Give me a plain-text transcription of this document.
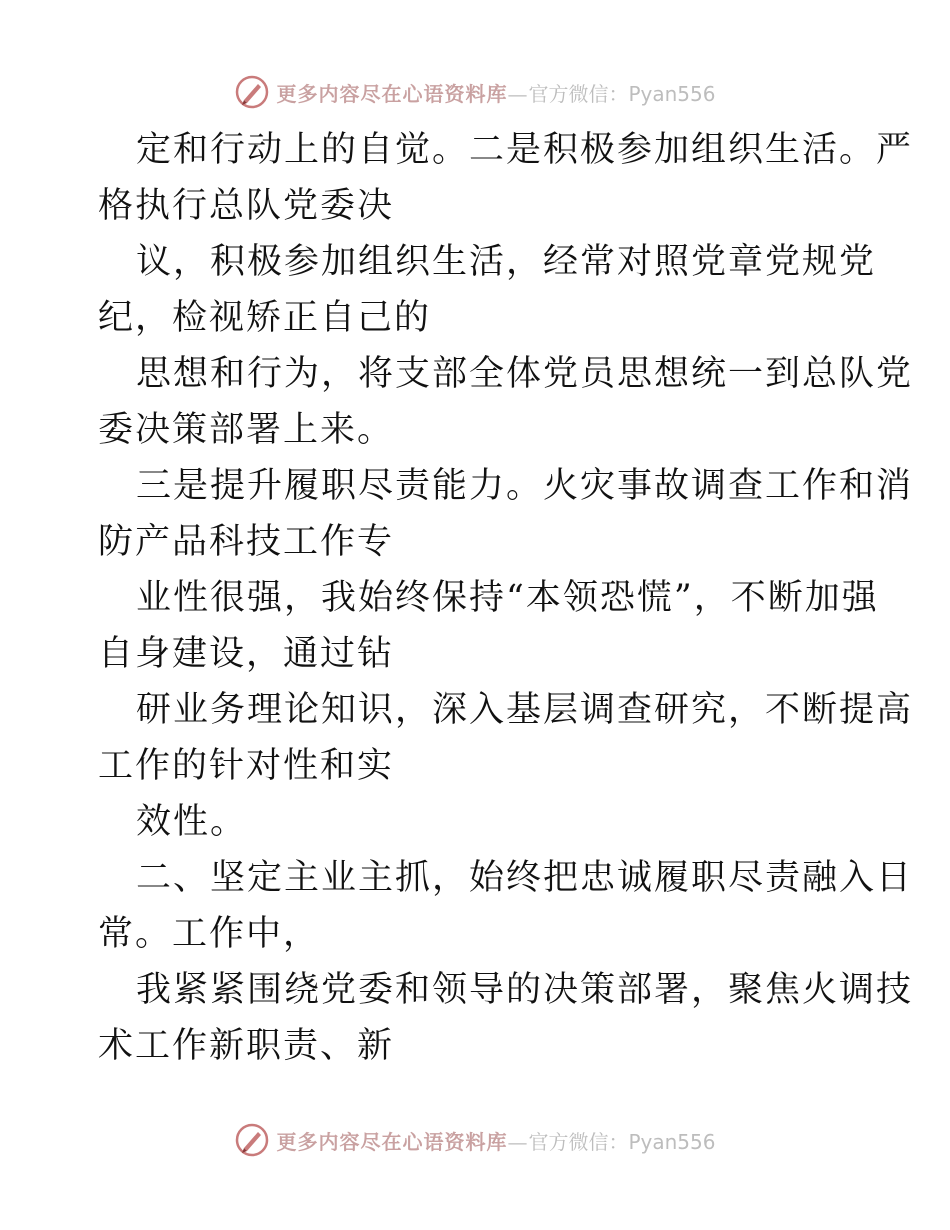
更多内容尽在心语资料库—官方微信：Pyan556
定和行动上的自觉。二是积极参加组织生活。严
格执行总队党委决
议，积极参加组织生活，经常对照党章党规党
纪，检视矫正自己的
思想和行为，将支部全体党员思想统一到总队党
委决策部署上来。
三是提升履职尽责能力。火灾事故调查工作和消
防产品科技工作专
业性很强，我始终保持“本领恐慌”，不断加强
自身建设，通过钻
研业务理论知识，深入基层调查研究，不断提高
工作的针对性和实
效性。
二、坚定主业主抓，始终把忠诚履职尽责融入日
常。工作中，
我紧紧围绕党委和领导的决策部署，聚焦火调技
术工作新职责、新
更多内容尽在心语资料库—官方微信：Pyan556
